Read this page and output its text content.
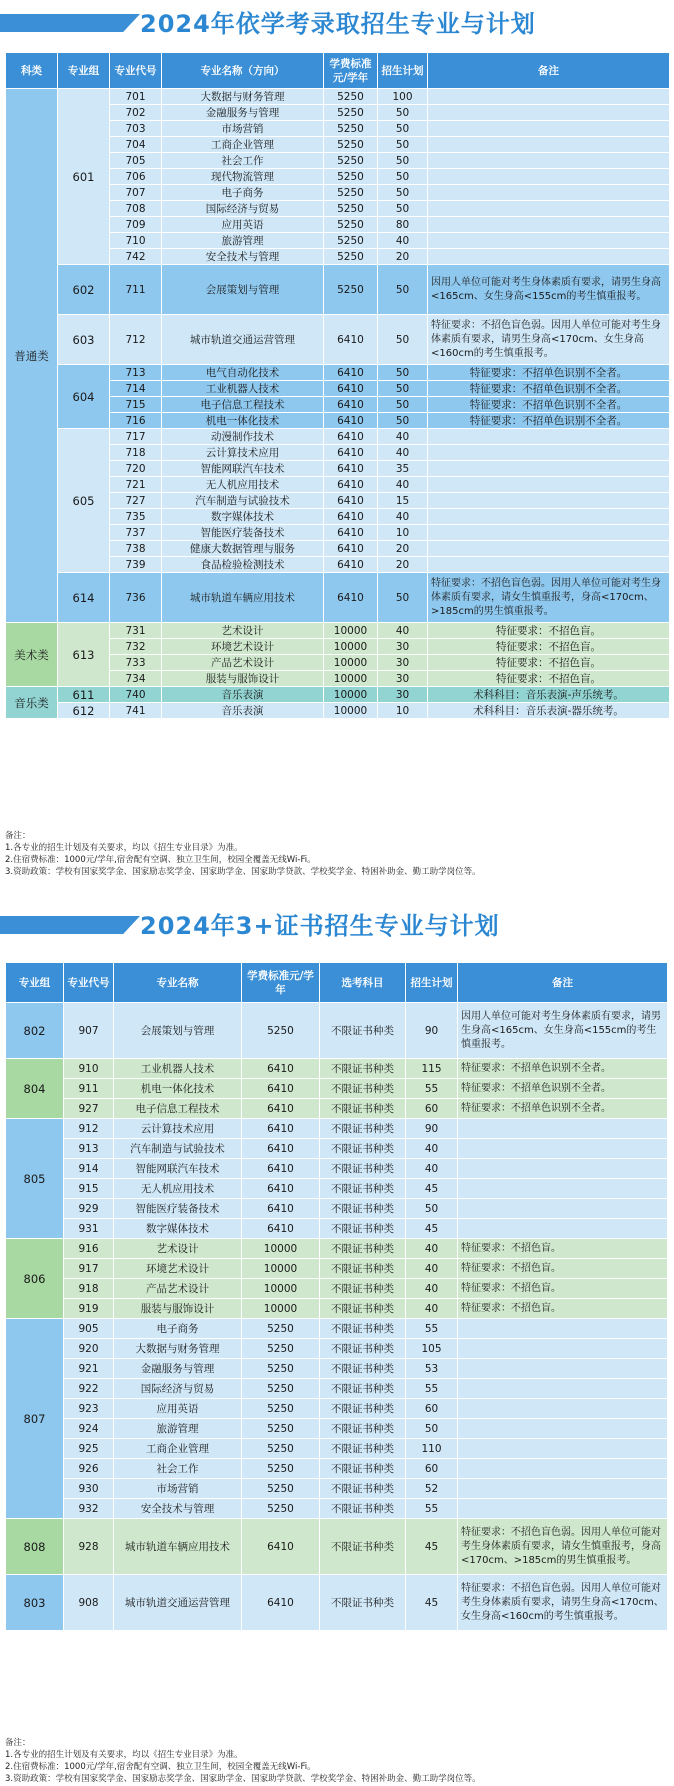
2024年依学考录取招生专业与计划
科类	专业组	专业代号	专业名称（方向）	学费标准元/学年	招生计划	备注
普通类	601	701	大数据与财务管理	5250	100	
		702	金融服务与管理	5250	50	
		703	市场营销	5250	50	
		704	工商企业管理	5250	50	
		705	社会工作	5250	50	
		706	现代物流管理	5250	50	
		707	电子商务	5250	50	
		708	国际经济与贸易	5250	50	
		709	应用英语	5250	80	
		710	旅游管理	5250	40	
		742	安全技术与管理	5250	20	
	602	711	会展策划与管理	5250	50	因用人单位可能对考生身体素质有要求，请男生身高<165cm、女生身高<155cm的考生慎重报考。
	603	712	城市轨道交通运营管理	6410	50	特征要求：不招色盲色弱。因用人单位可能对考生身体素质有要求，请男生身高<170cm、女生身高<160cm的考生慎重报考。
	604	713	电气自动化技术	6410	50	特征要求：不招单色识别不全者。
		714	工业机器人技术	6410	50	特征要求：不招单色识别不全者。
		715	电子信息工程技术	6410	50	特征要求：不招单色识别不全者。
		716	机电一体化技术	6410	50	特征要求：不招单色识别不全者。
	605	717	动漫制作技术	6410	40	
		718	云计算技术应用	6410	40	
		720	智能网联汽车技术	6410	35	
		721	无人机应用技术	6410	40	
		727	汽车制造与试验技术	6410	15	
		735	数字媒体技术	6410	40	
		737	智能医疗装备技术	6410	10	
		738	健康大数据管理与服务	6410	20	
		739	食品检验检测技术	6410	20	
	614	736	城市轨道车辆应用技术	6410	50	特征要求：不招色盲色弱。因用人单位可能对考生身体素质有要求，请女生慎重报考，身高<170cm、>185cm的男生慎重报考。
美术类	613	731	艺术设计	10000	40	特征要求：不招色盲。
		732	环境艺术设计	10000	30	特征要求：不招色盲。
		733	产品艺术设计	10000	30	特征要求：不招色盲。
		734	服装与服饰设计	10000	30	特征要求：不招色盲。
音乐类	611	740	音乐表演	10000	30	术科科目：音乐表演-声乐统考。
	612	741	音乐表演	10000	10	术科科目：音乐表演-器乐统考。
备注：
1.各专业的招生计划及有关要求，均以《招生专业目录》为准。
2.住宿费标准：1000元/学年,宿舍配有空调、独立卫生间，校园全覆盖无线Wi-Fi。
3.资助政策：学校有国家奖学金、国家励志奖学金、国家助学金、国家助学贷款、学校奖学金、特困补助金、勤工助学岗位等。
2024年3+证书招生专业与计划
专业组	专业代号	专业名称	学费标准元/学年	选考科目	招生计划	备注
802	907	会展策划与管理	5250	不限证书种类	90	因用人单位可能对考生身体素质有要求，请男生身高<165cm、女生身高<155cm的考生慎重报考。
804	910	工业机器人技术	6410	不限证书种类	115	特征要求：不招单色识别不全者。
	911	机电一体化技术	6410	不限证书种类	55	特征要求：不招单色识别不全者。
	927	电子信息工程技术	6410	不限证书种类	60	特征要求：不招单色识别不全者。
805	912	云计算技术应用	6410	不限证书种类	90	
	913	汽车制造与试验技术	6410	不限证书种类	40	
	914	智能网联汽车技术	6410	不限证书种类	40	
	915	无人机应用技术	6410	不限证书种类	45	
	929	智能医疗装备技术	6410	不限证书种类	50	
	931	数字媒体技术	6410	不限证书种类	45	
806	916	艺术设计	10000	不限证书种类	40	特征要求：不招色盲。
	917	环境艺术设计	10000	不限证书种类	40	特征要求：不招色盲。
	918	产品艺术设计	10000	不限证书种类	40	特征要求：不招色盲。
	919	服装与服饰设计	10000	不限证书种类	40	特征要求：不招色盲。
807	905	电子商务	5250	不限证书种类	55	
	920	大数据与财务管理	5250	不限证书种类	105	
	921	金融服务与管理	5250	不限证书种类	53	
	922	国际经济与贸易	5250	不限证书种类	55	
	923	应用英语	5250	不限证书种类	60	
	924	旅游管理	5250	不限证书种类	50	
	925	工商企业管理	5250	不限证书种类	110	
	926	社会工作	5250	不限证书种类	60	
	930	市场营销	5250	不限证书种类	52	
	932	安全技术与管理	5250	不限证书种类	55	
808	928	城市轨道车辆应用技术	6410	不限证书种类	45	特征要求：不招色盲色弱。因用人单位可能对考生身体素质有要求，请女生慎重报考，身高<170cm、>185cm的男生慎重报考。
803	908	城市轨道交通运营管理	6410	不限证书种类	45	特征要求：不招色盲色弱。因用人单位可能对考生身体素质有要求，请男生身高<170cm、女生身高<160cm的考生慎重报考。
备注：
1.各专业的招生计划及有关要求，均以《招生专业目录》为准。
2.住宿费标准：1000元/学年,宿舍配有空调、独立卫生间，校园全覆盖无线Wi-Fi。
3.资助政策：学校有国家奖学金、国家励志奖学金、国家助学金、国家助学贷款、学校奖学金、特困补助金、勤工助学岗位等。
